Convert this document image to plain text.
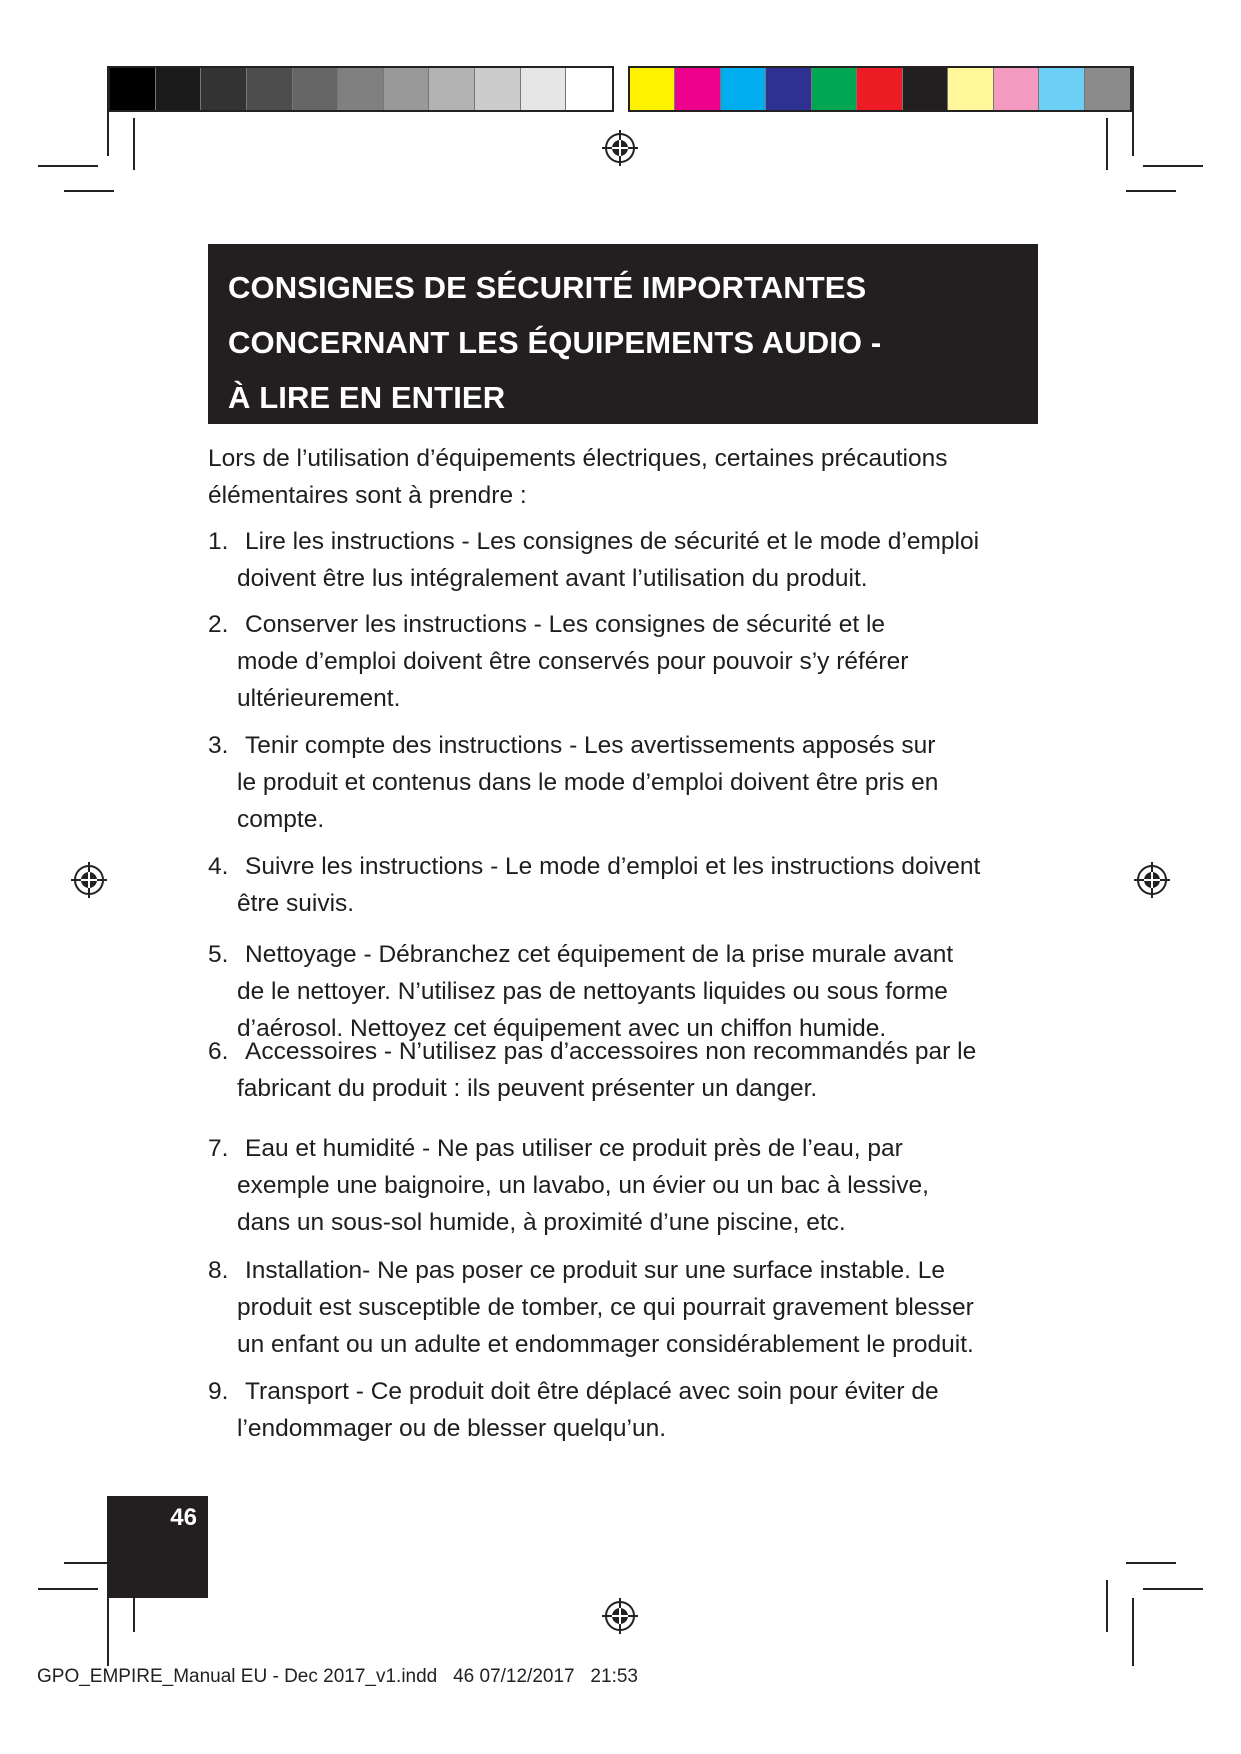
CONSIGNES DE SÉCURITÉ IMPORTANTES
CONCERNANT LES ÉQUIPEMENTS AUDIO -
À LIRE EN ENTIER
Lors de l’utilisation d’équipements électriques, certaines précautions
élémentaires sont à prendre :
1. Lire les instructions - Les consignes de sécurité et le mode d’emploi
doivent être lus intégralement avant l’utilisation du produit.
2. Conserver les instructions - Les consignes de sécurité et le
mode d’emploi doivent être conservés pour pouvoir s’y référer
ultérieurement.
3. Tenir compte des instructions - Les avertissements apposés sur
le produit et contenus dans le mode d’emploi doivent être pris en
compte.
4. Suivre les instructions - Le mode d’emploi et les instructions doivent
être suivis.
5. Nettoyage - Débranchez cet équipement de la prise murale avant
de le nettoyer. N’utilisez pas de nettoyants liquides ou sous forme
d’aérosol. Nettoyez cet équipement avec un chiffon humide.
6. Accessoires - N’utilisez pas d’accessoires non recommandés par le
fabricant du produit : ils peuvent présenter un danger.
7. Eau et humidité - Ne pas utiliser ce produit près de l’eau, par
exemple une baignoire, un lavabo, un évier ou un bac à lessive,
dans un sous-sol humide, à proximité d’une piscine, etc.
8. Installation- Ne pas poser ce produit sur une surface instable. Le
produit est susceptible de tomber, ce qui pourrait gravement blesser
un enfant ou un adulte et endommager considérablement le produit.
9. Transport - Ce produit doit être déplacé avec soin pour éviter de
l’endommager ou de blesser quelqu’un.
46
GPO_EMPIRE_Manual EU - Dec 2017_v1.indd   46 07/12/2017   21:53
